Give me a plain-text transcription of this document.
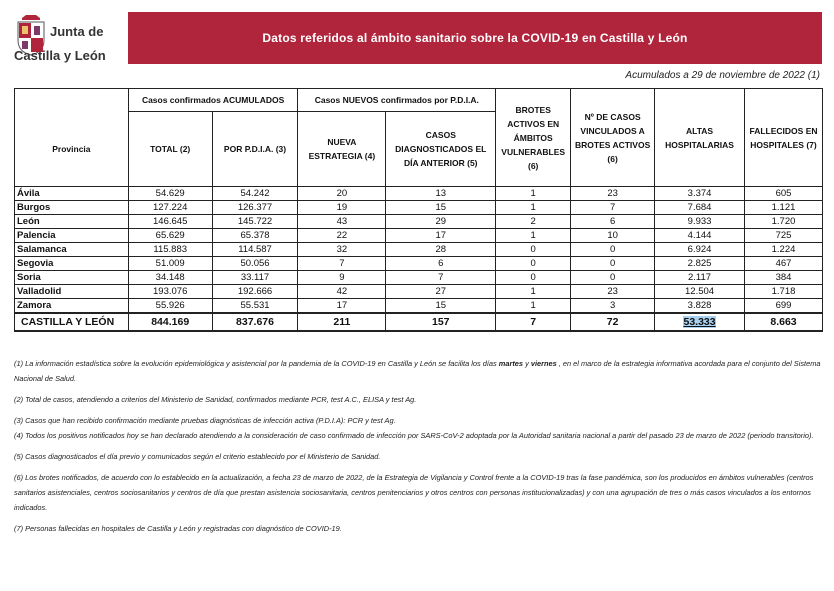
Junta de
Castilla y León
Datos referidos al ámbito sanitario sobre la COVID-19 en Castilla y León
Acumulados a 29 de noviembre de 2022 (1)
	Casos confirmados ACUMULADOS		Casos NUEVOS confirmados por P.D.I.A.		BROTES ACTIVOS EN ÁMBITOS VULNERABLES (6)	Nº DE CASOS VINCULADOS A BROTES ACTIVOS (6)	ALTAS HOSPITALARIAS	FALLECIDOS EN HOSPITALES (7)
Provincia	TOTAL (2)	POR P.D.I.A. (3)	NUEVA ESTRATEGIA (4)	CASOS DIAGNOSTICADOS EL DÍA ANTERIOR (5)				
Ávila	54.629	54.242	20	13	1	23	3.374	605
Burgos	127.224	126.377	19	15	1	7	7.684	1.121
León	146.645	145.722	43	29	2	6	9.933	1.720
Palencia	65.629	65.378	22	17	1	10	4.144	725
Salamanca	115.883	114.587	32	28	0	0	6.924	1.224
Segovia	51.009	50.056	7	6	0	0	2.825	467
Soria	34.148	33.117	9	7	0	0	2.117	384
Valladolid	193.076	192.666	42	27	1	23	12.504	1.718
Zamora	55.926	55.531	17	15	1	3	3.828	699
CASTILLA Y LEÓN	844.169	837.676	211	157	7	72	53.333	8.663

(1) La información estadística sobre la evolución epidemiológica y asistencial por la pandemia de la COVID-19 en Castilla y León se facilita los días martes y viernes , en el marco de la estrategia informativa acordada para el conjunto del Sistema Nacional de Salud.

(2) Total de casos, atendiendo a criterios del Ministerio de Sanidad, confirmados mediante PCR, test A.C., ELISA y test Ag.

(3) Casos que han recibido confirmación mediante pruebas diagnósticas de infección activa (P.D.I.A): PCR y test Ag.

(4) Todos los positivos notificados hoy se han declarado atendiendo a la consideración de caso confirmado de infección por SARS-CoV-2 adoptada por la Autoridad sanitaria nacional a partir del pasado 23 de marzo de 2022 (periodo transitorio).

(5) Casos diagnosticados el día previo y comunicados según el criterio establecido por el Ministerio de Sanidad.

(6) Los brotes notificados, de acuerdo con lo establecido en la actualización, a fecha 23 de marzo de 2022, de la Estrategia de Vigilancia y Control frente a la COVID-19 tras la fase pandémica, son los producidos en ámbitos vulnerables (centros sanitarios asistenciales, centros sociosanitarios y centros de día que prestan asistencia sociosanitaria, centros penitenciarios y otros centros con personas institucionalizadas) y con una agrupación de tres o más casos vinculados a los entornos indicados.

(7) Personas fallecidas en hospitales de Castilla y León y registradas con diagnóstico de COVID-19.
